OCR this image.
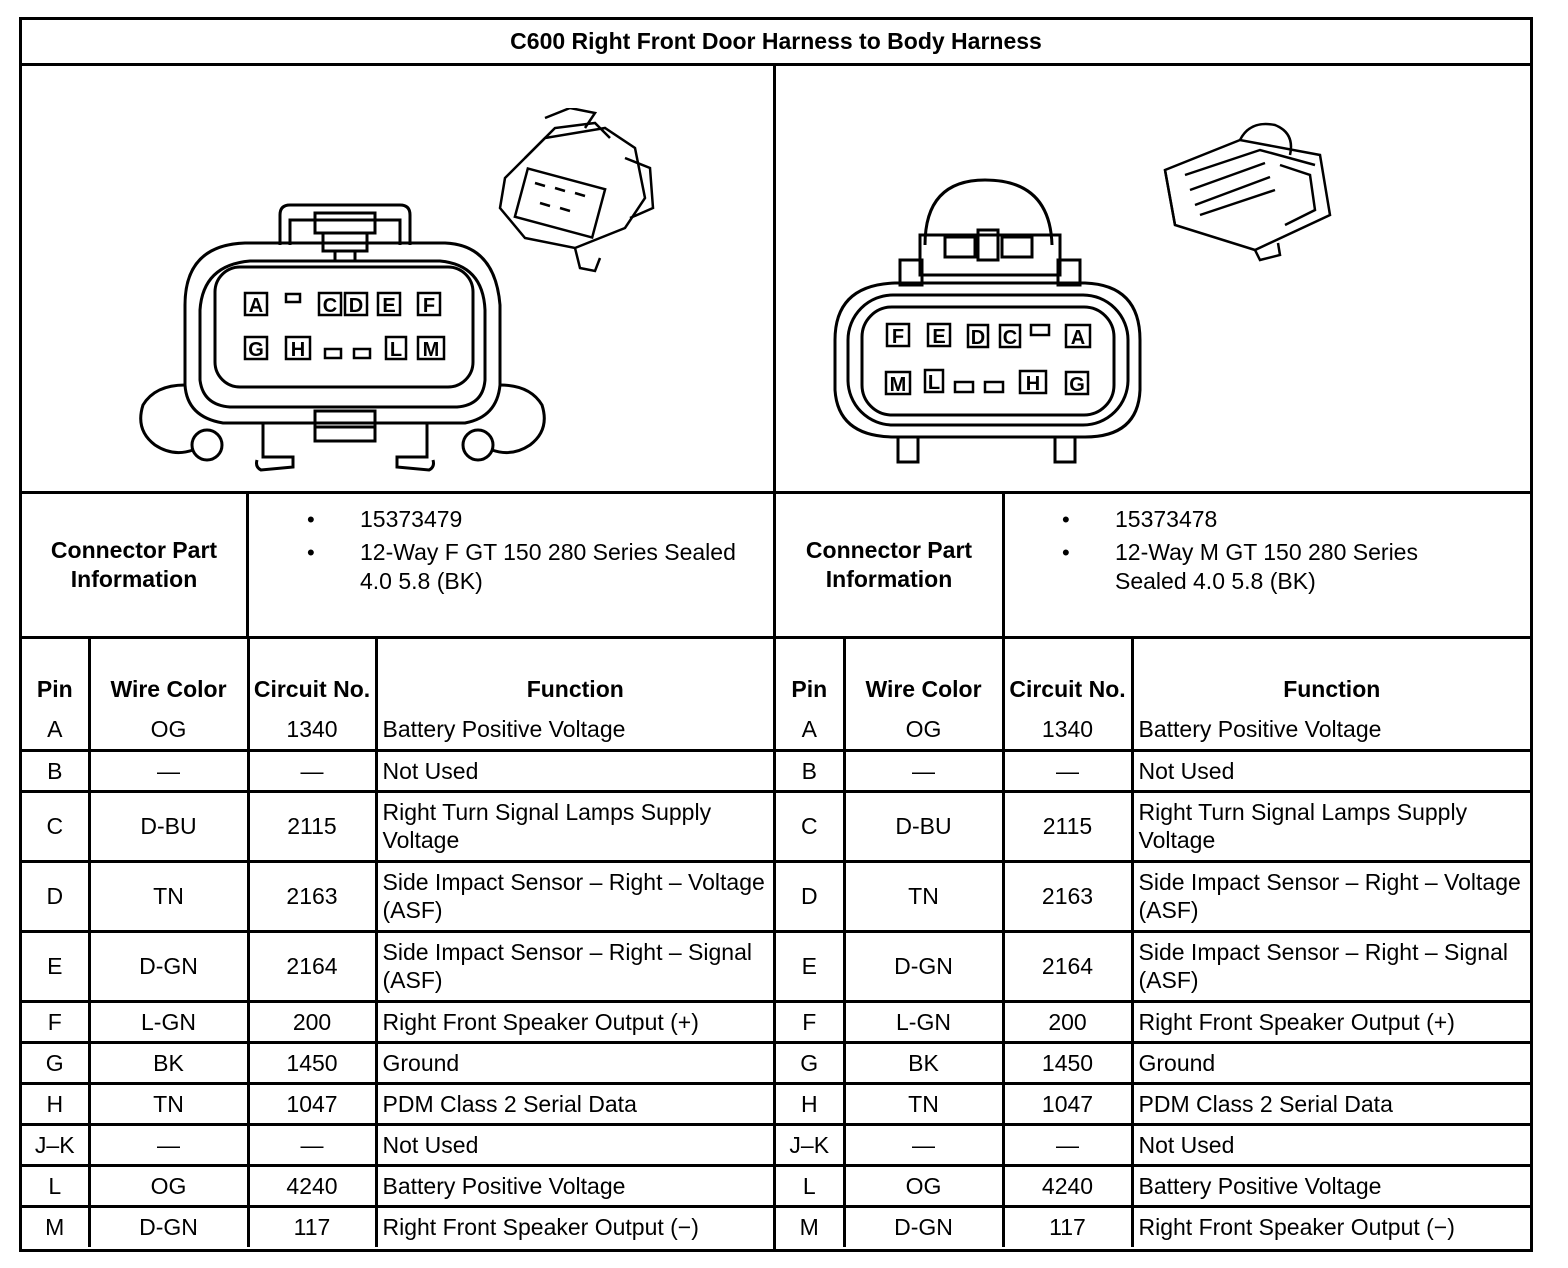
C600 Right Front Door Harness to Body Harness
A	C D E F
G H	L M
F E D C	A
M L	H G
Connector Part Information
• 15373479
• 12-Way F GT 150 280 Series Sealed 4.0 5.8 (BK)
Connector Part Information
• 15373478
• 12-Way M GT 150 280 Series Sealed 4.0 5.8 (BK)
Pin	Wire Color	Circuit No.	Function
A	OG	1340	Battery Positive Voltage
B	—	—	Not Used
C	D-BU	2115	Right Turn Signal Lamps Supply Voltage
D	TN	2163	Side Impact Sensor – Right – Voltage (ASF)
E	D-GN	2164	Side Impact Sensor – Right – Signal (ASF)
F	L-GN	200	Right Front Speaker Output (+)
G	BK	1450	Ground
H	TN	1047	PDM Class 2 Serial Data
J–K	—	—	Not Used
L	OG	4240	Battery Positive Voltage
M	D-GN	117	Right Front Speaker Output (−)
Pin	Wire Color	Circuit No.	Function
A	OG	1340	Battery Positive Voltage
B	—	—	Not Used
C	D-BU	2115	Right Turn Signal Lamps Supply Voltage
D	TN	2163	Side Impact Sensor – Right – Voltage (ASF)
E	D-GN	2164	Side Impact Sensor – Right – Signal (ASF)
F	L-GN	200	Right Front Speaker Output (+)
G	BK	1450	Ground
H	TN	1047	PDM Class 2 Serial Data
J–K	—	—	Not Used
L	OG	4240	Battery Positive Voltage
M	D-GN	117	Right Front Speaker Output (−)
